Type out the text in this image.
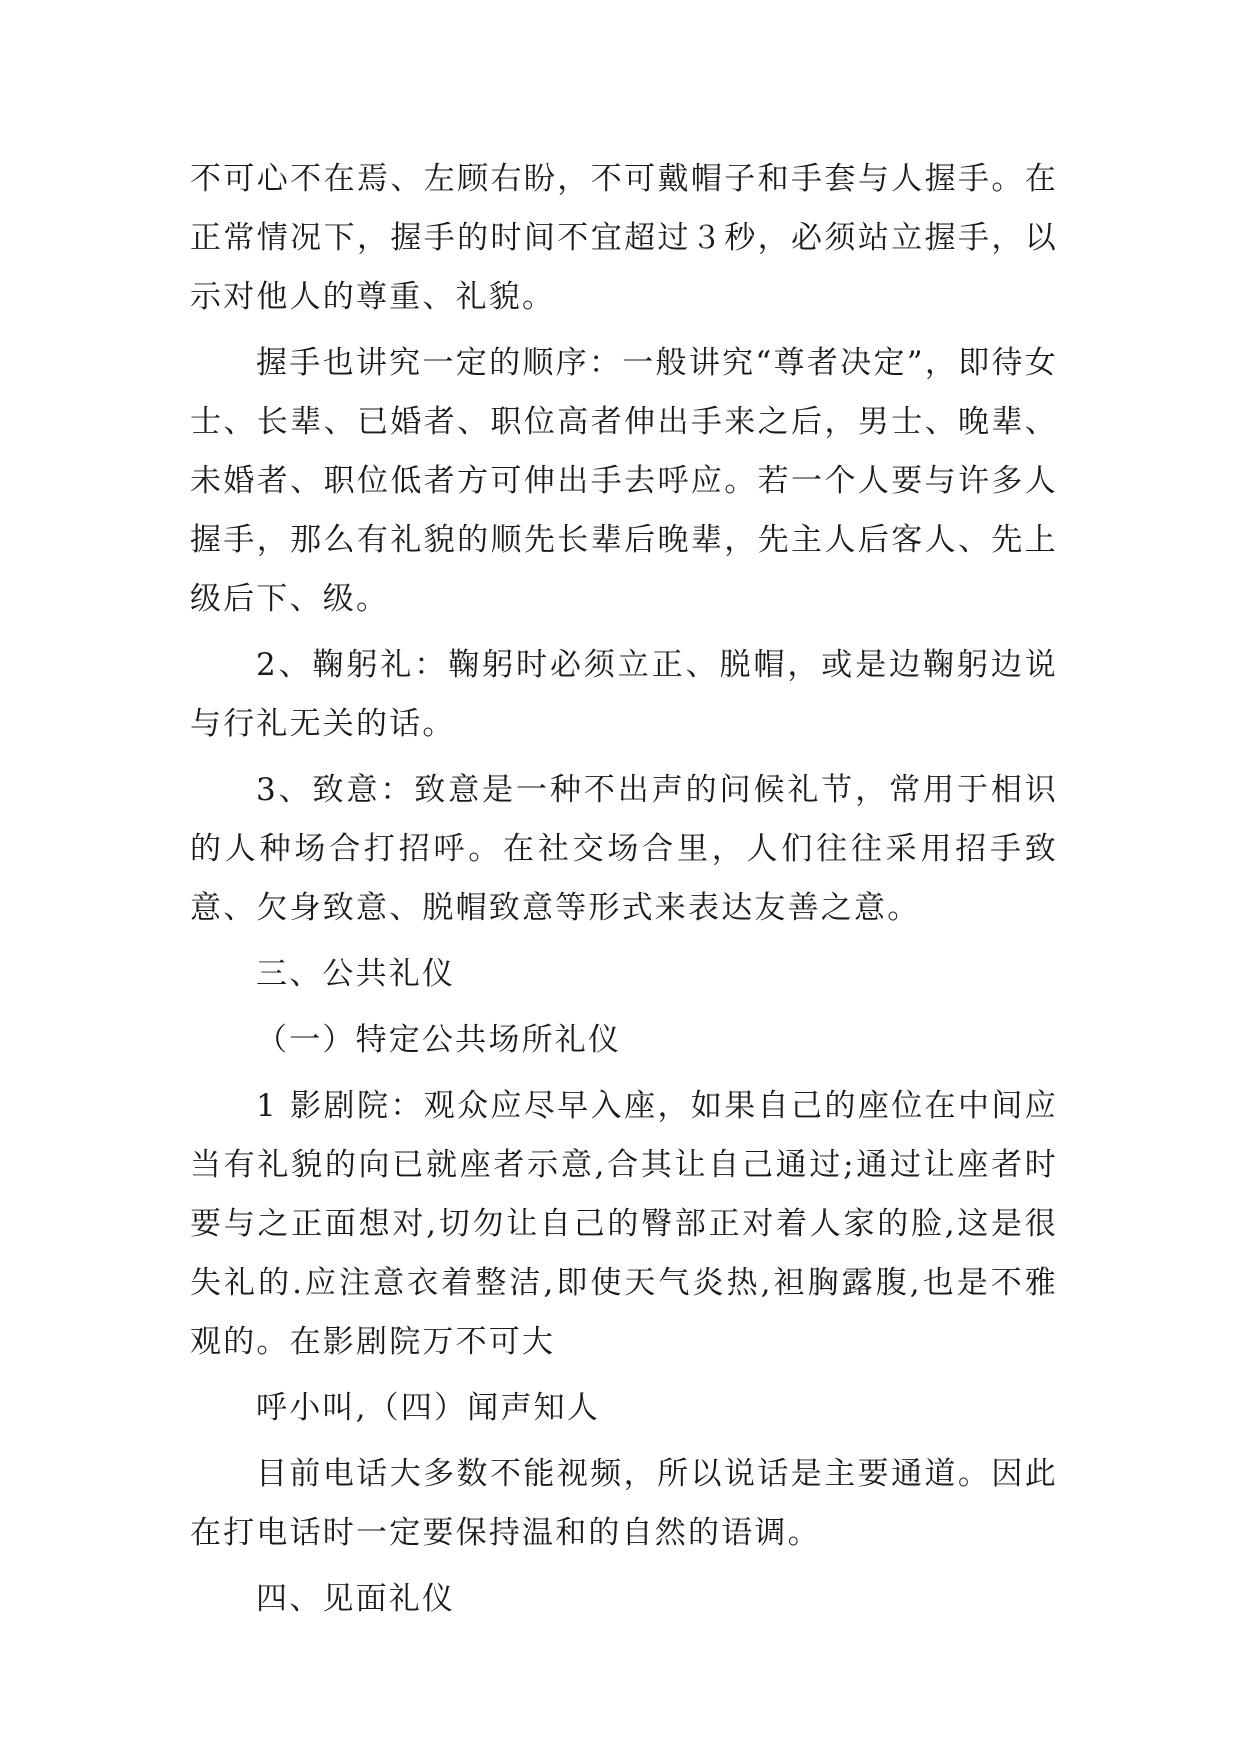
不可心不在焉、左顾右盼，不可戴帽子和手套与人握手。在正常情况下，握手的时间不宜超过３秒，必须站立握手，以示对他人的尊重、礼貌。

握手也讲究一定的顺序：一般讲究“尊者决定”，即待女士、长辈、已婚者、职位高者伸出手来之后，男士、晚辈、未婚者、职位低者方可伸出手去呼应。若一个人要与许多人握手，那么有礼貌的顺先长辈后晚辈，先主人后客人、先上级后下、级。

2、鞠躬礼：鞠躬时必须立正、脱帽，或是边鞠躬边说与行礼无关的话。

3、致意：致意是一种不出声的问候礼节，常用于相识的人种场合打招呼。在社交场合里，人们往往采用招手致意、欠身致意、脱帽致意等形式来表达友善之意。

三、公共礼仪

（一）特定公共场所礼仪

1 影剧院：观众应尽早入座，如果自己的座位在中间应当有礼貌的向已就座者示意,合其让自己通过;通过让座者时要与之正面想对,切勿让自己的臀部正对着人家的脸,这是很失礼的.应注意衣着整洁,即使天气炎热,袒胸露腹,也是不雅观的。在影剧院万不可大

呼小叫,（四）闻声知人

目前电话大多数不能视频，所以说话是主要通道。因此在打电话时一定要保持温和的自然的语调。

四、见面礼仪
